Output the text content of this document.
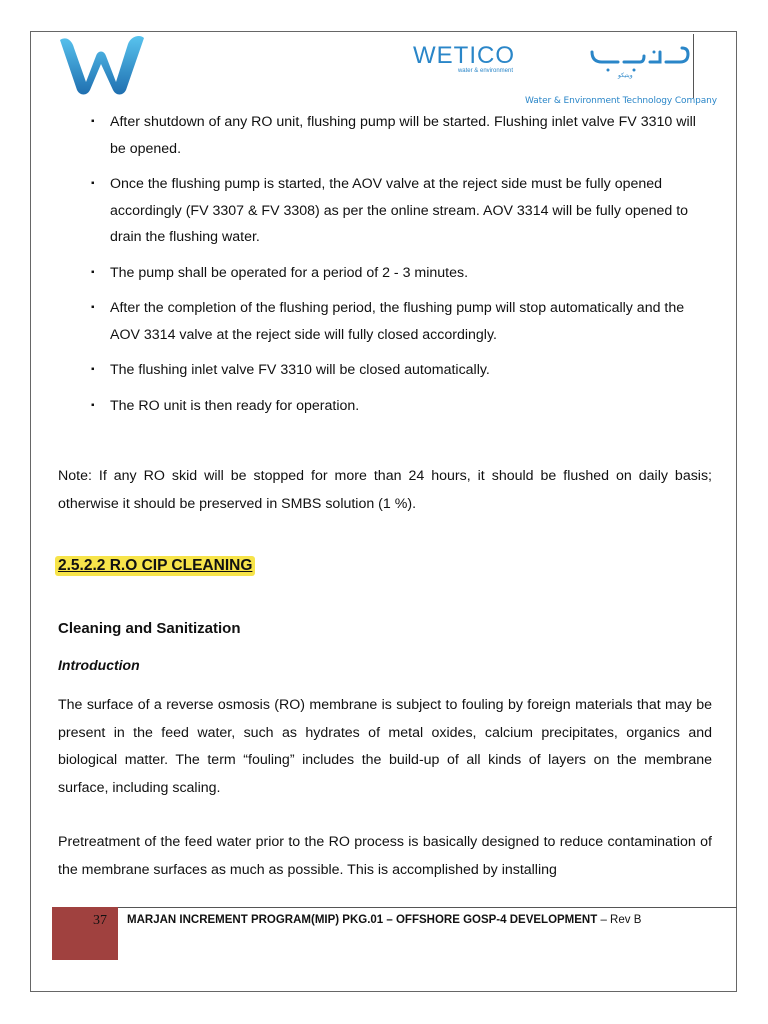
WETICO
water & environment
ويتيكو
Water & Environment Technology Company
▪ After shutdown of any RO unit, flushing pump will be started. Flushing inlet valve FV 3310 will be opened.
▪ Once the flushing pump is started, the AOV valve at the reject side must be fully opened accordingly (FV 3307 & FV 3308) as per the online stream. AOV 3314 will be fully opened to drain the flushing water.
▪ The pump shall be operated for a period of 2 - 3 minutes.
▪ After the completion of the flushing period, the flushing pump will stop automatically and the AOV 3314 valve at the reject side will fully closed accordingly.
▪ The flushing inlet valve FV 3310 will be closed automatically.
▪ The RO unit is then ready for operation.
Note: If any RO skid will be stopped for more than 24 hours, it should be flushed on daily basis; otherwise it should be preserved in SMBS solution (1 %).
2.5.2.2 R.O CIP CLEANING
Cleaning and Sanitization
Introduction
The surface of a reverse osmosis (RO) membrane is subject to fouling by foreign materials that may be present in the feed water, such as hydrates of metal oxides, calcium precipitates, organics and biological matter. The term “fouling” includes the build-up of all kinds of layers on the membrane surface, including scaling.
Pretreatment of the feed water prior to the RO process is basically designed to reduce contamination of the membrane surfaces as much as possible. This is accomplished by installing
37 MARJAN INCREMENT PROGRAM(MIP) PKG.01 – OFFSHORE GOSP-4 DEVELOPMENT – Rev B
